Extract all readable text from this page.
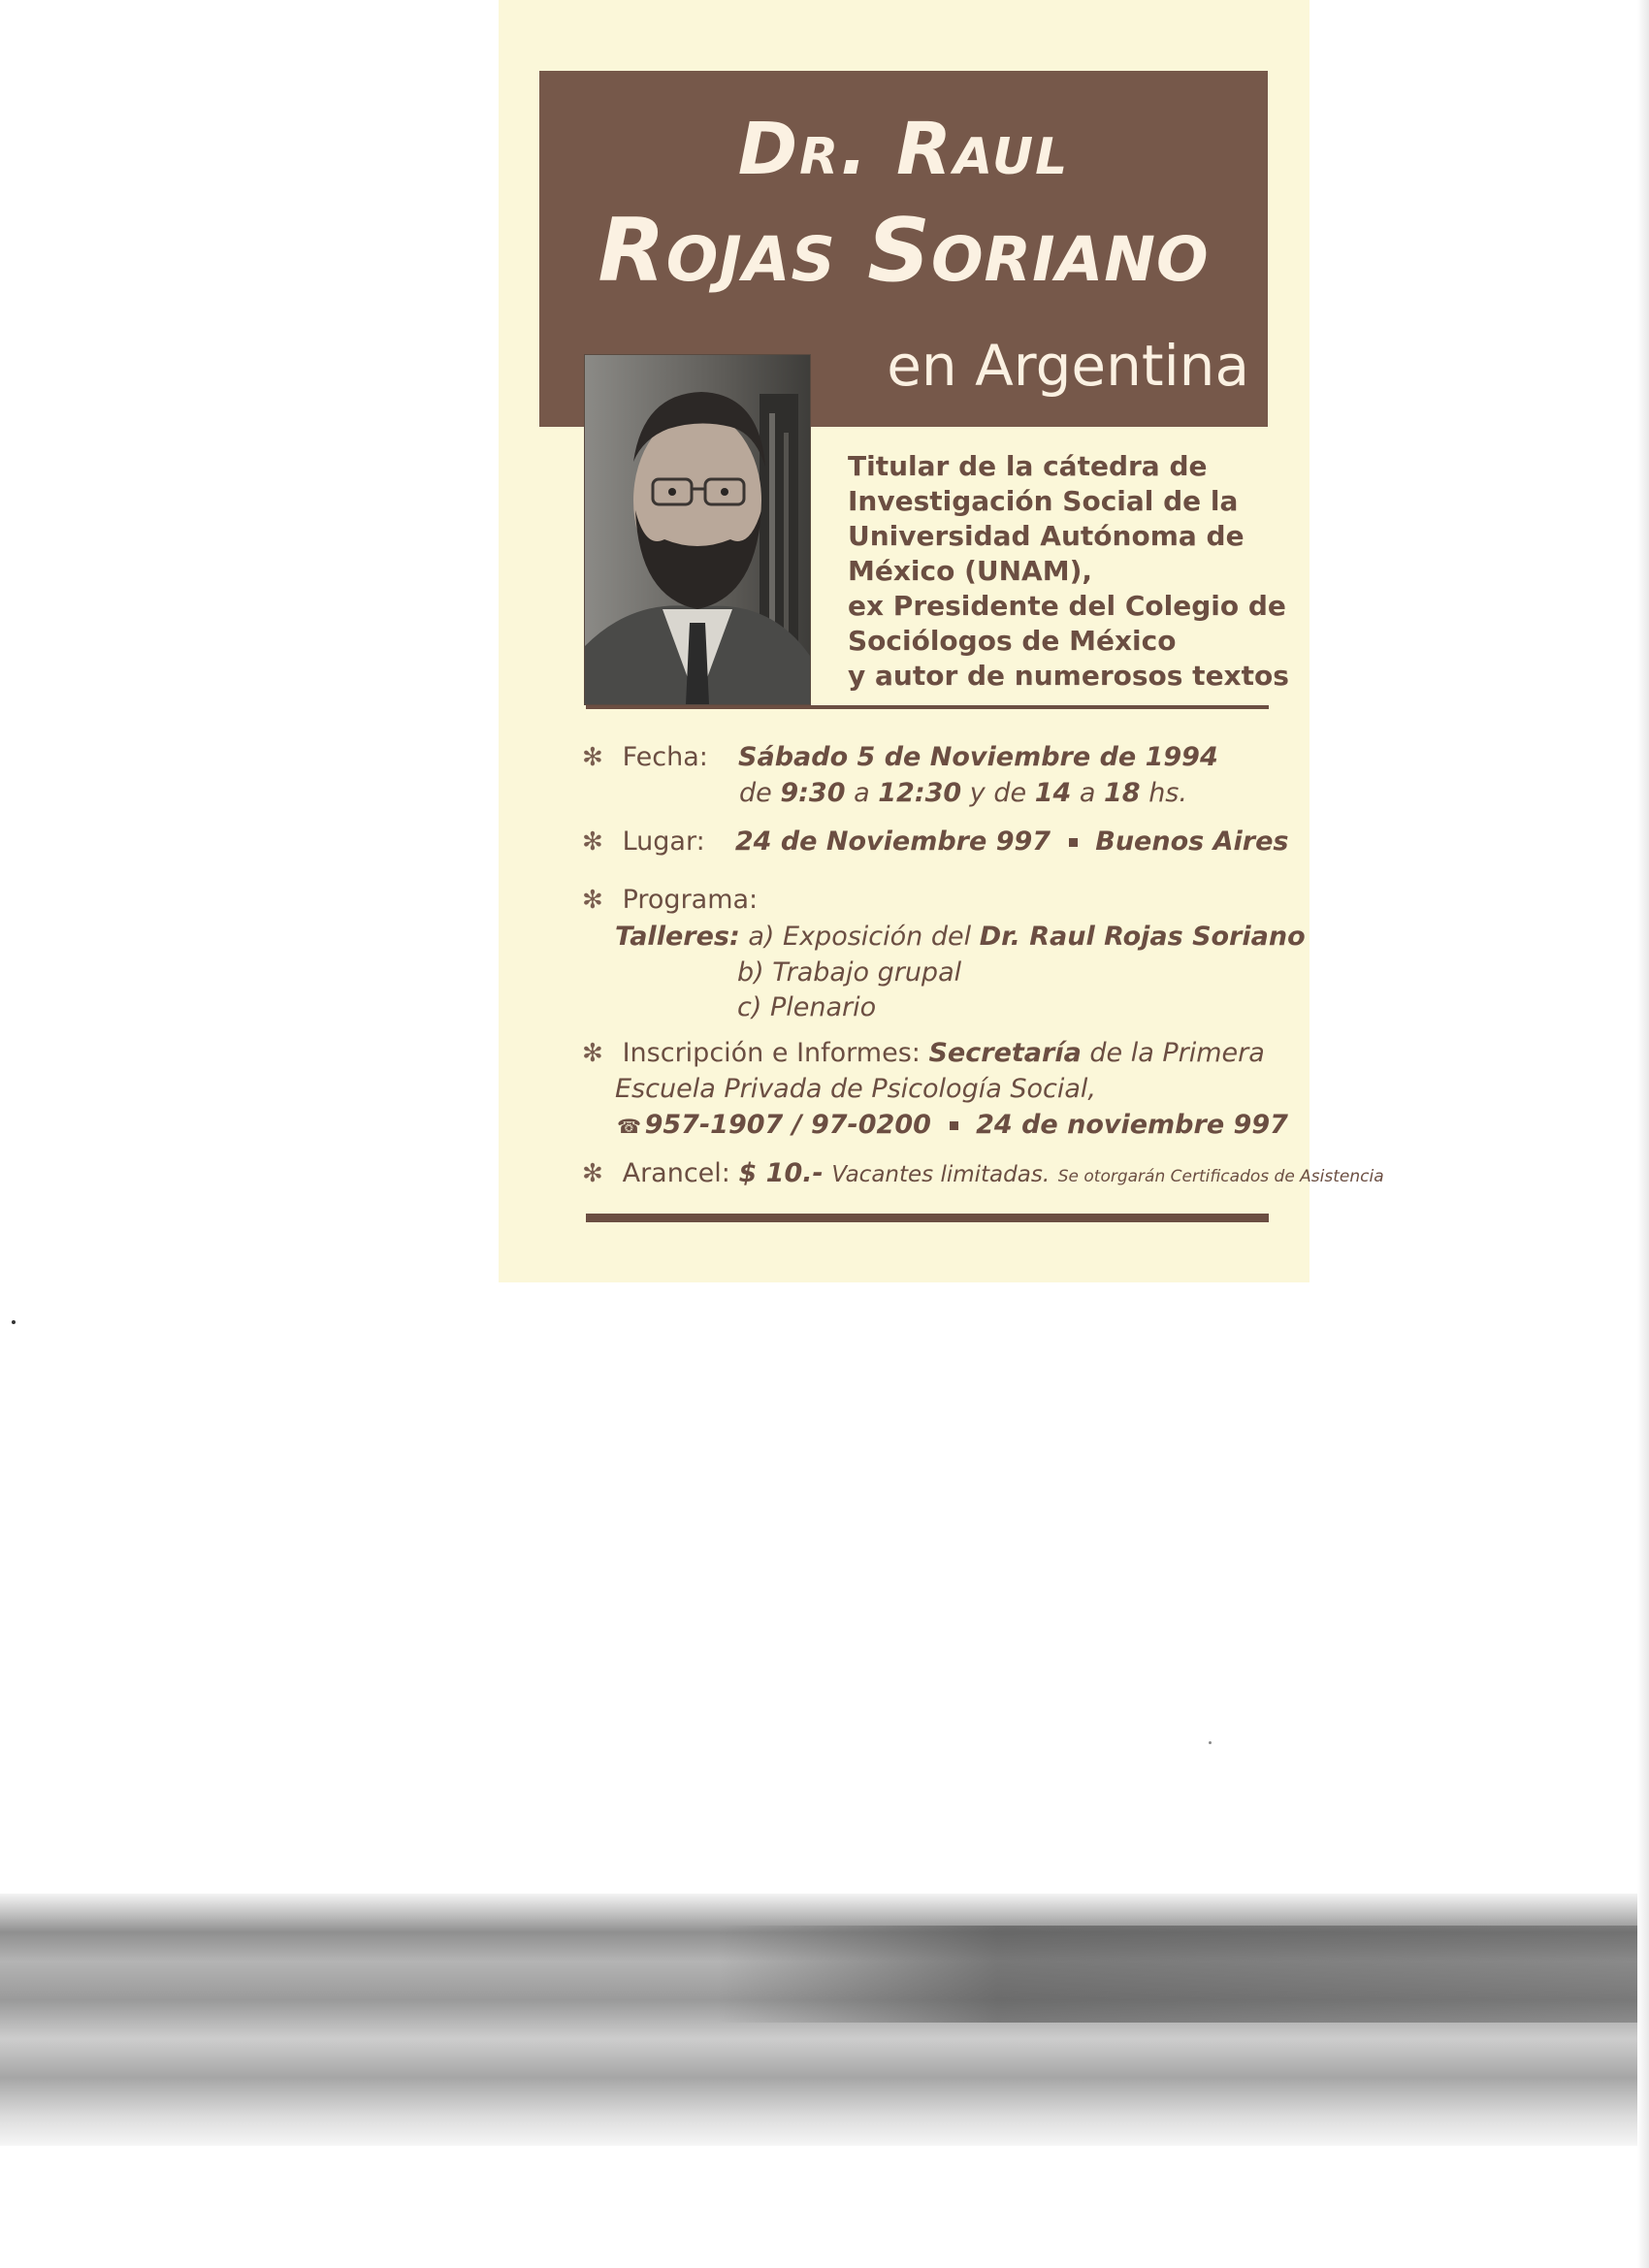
Dr. Raul
Rojas Soriano
en Argentina
Titular de la cátedra de
Investigación Social de la
Universidad Autónoma de
México (UNAM),
ex Presidente del Colegio de
Sociólogos de México
y autor de numerosos textos
✻ Fecha: Sábado 5 de Noviembre de 1994
de 9:30 a 12:30 y de 14 a 18 hs.
✻ Lugar: 24 de Noviembre 997 Buenos Aires
✻ Programa:
Talleres: a) Exposición del Dr. Raul Rojas Soriano
b) Trabajo grupal
c) Plenario
✻ Inscripción e Informes: Secretaría de la Primera
Escuela Privada de Psicología Social,
☎ 957-1907 / 97-0200 24 de noviembre 997
✻ Arancel: $ 10.- Vacantes limitadas. Se otorgarán Certificados de Asistencia
